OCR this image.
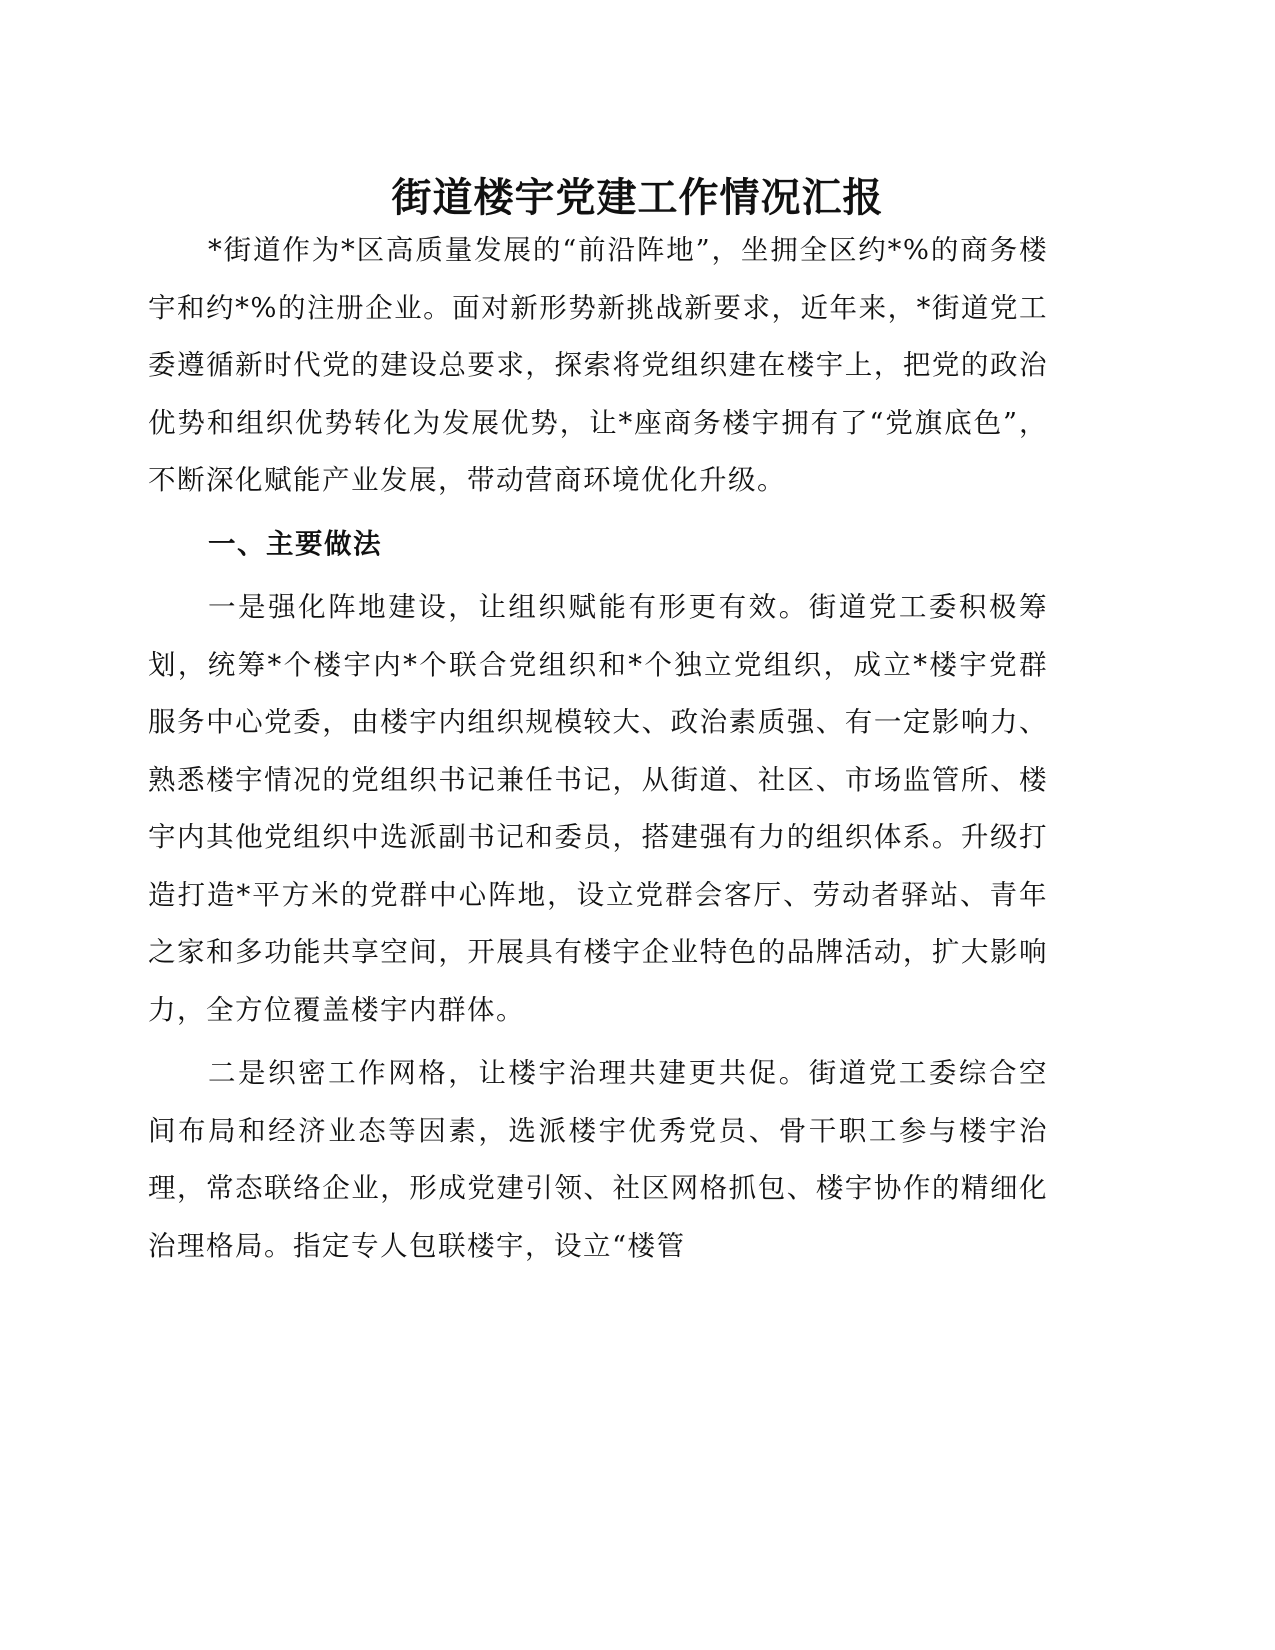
街道楼宇党建工作情况汇报

*街道作为*区高质量发展的“前沿阵地”，坐拥全区约*%的商务楼宇和约*%的注册企业。面对新形势新挑战新要求，近年来，*街道党工委遵循新时代党的建设总要求，探索将党组织建在楼宇上，把党的政治优势和组织优势转化为发展优势，让*座商务楼宇拥有了“党旗底色”，不断深化赋能产业发展，带动营商环境优化升级。

一、主要做法

一是强化阵地建设，让组织赋能有形更有效。街道党工委积极筹划，统筹*个楼宇内*个联合党组织和*个独立党组织，成立*楼宇党群服务中心党委，由楼宇内组织规模较大、政治素质强、有一定影响力、熟悉楼宇情况的党组织书记兼任书记，从街道、社区、市场监管所、楼宇内其他党组织中选派副书记和委员，搭建强有力的组织体系。升级打造打造*平方米的党群中心阵地，设立党群会客厅、劳动者驿站、青年之家和多功能共享空间，开展具有楼宇企业特色的品牌活动，扩大影响力，全方位覆盖楼宇内群体。

二是织密工作网格，让楼宇治理共建更共促。街道党工委综合空间布局和经济业态等因素，选派楼宇优秀党员、骨干职工参与楼宇治理，常态联络企业，形成党建引领、社区网格抓包、楼宇协作的精细化治理格局。指定专人包联楼宇，设立“楼管
